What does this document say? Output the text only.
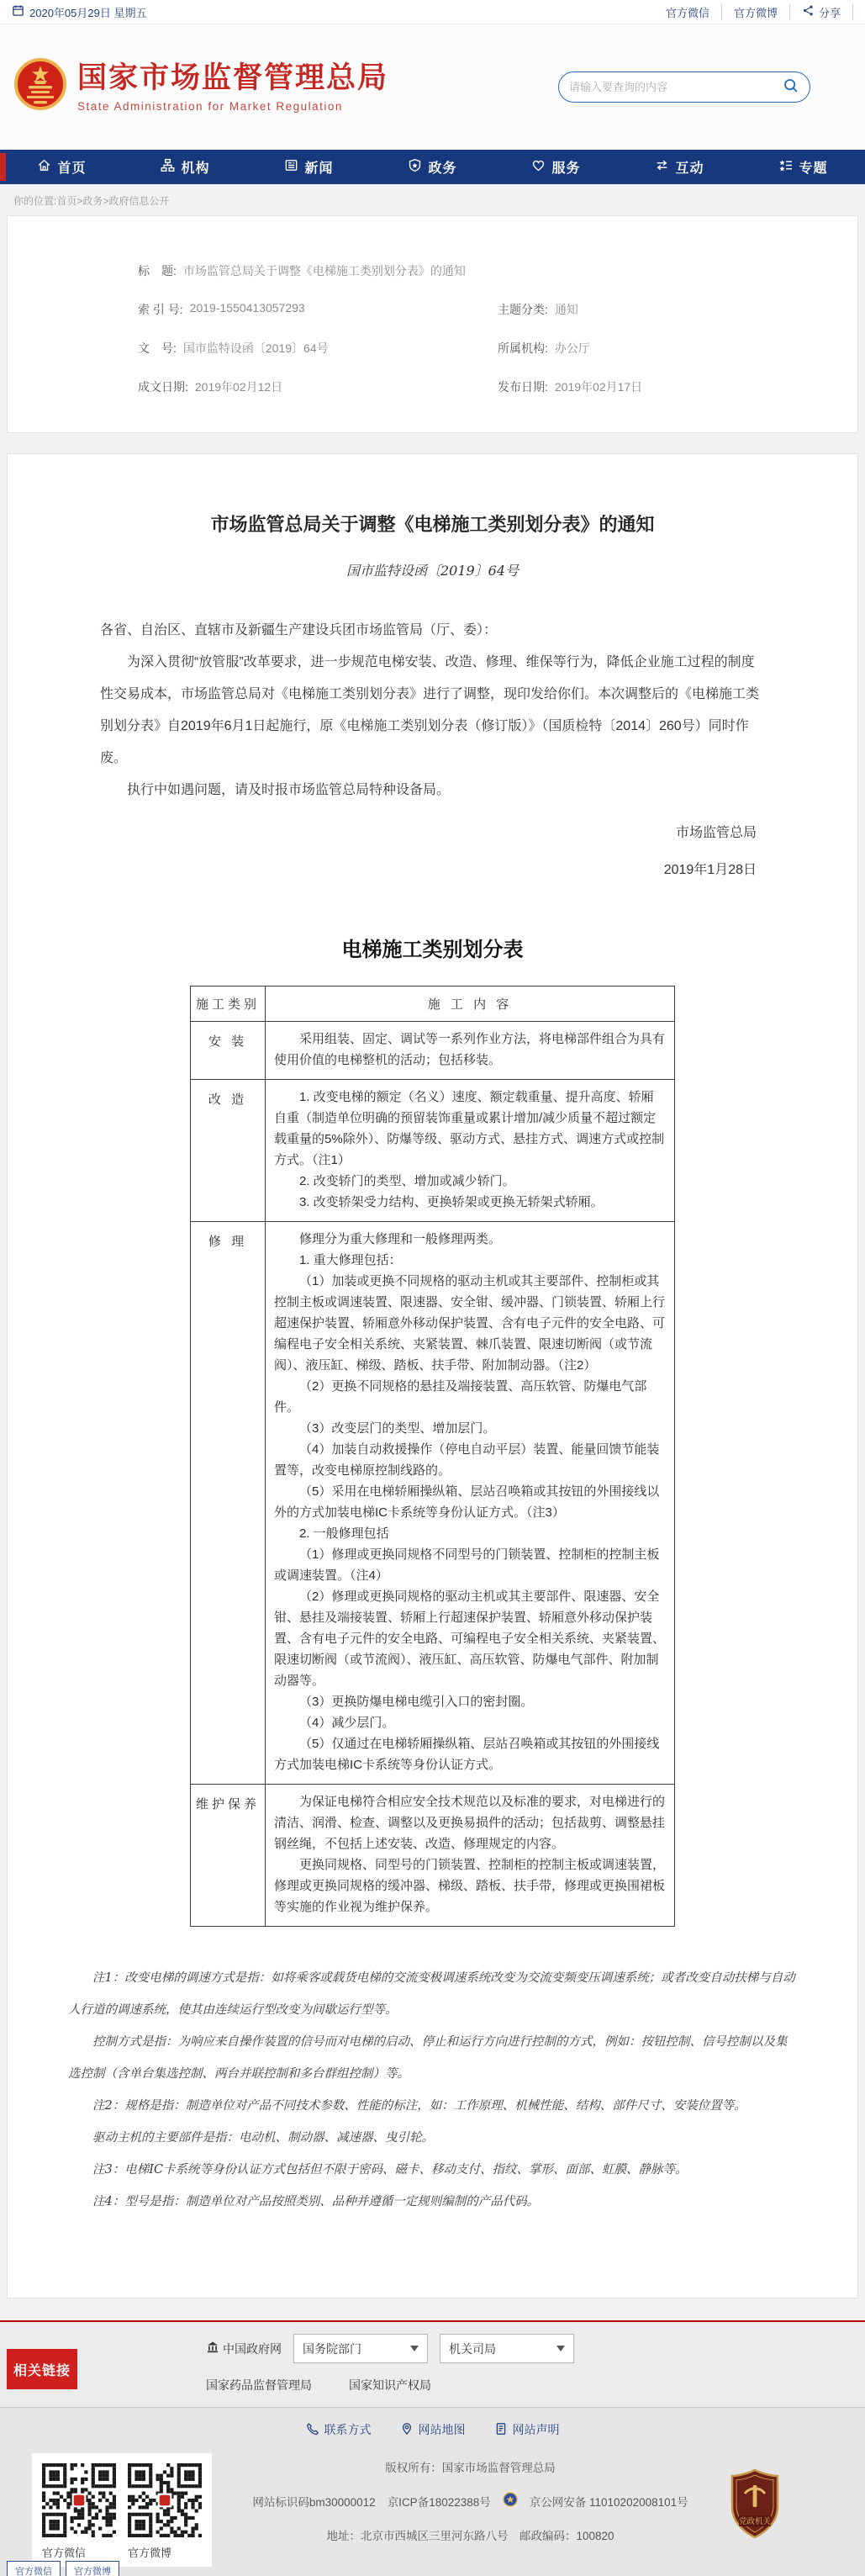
2020年05月29日 星期五	官方微信 官方微博	分享
国家市场监督管理总局
State Administration for Market Regulation
请输入要查询的内容
首页	机构	新闻	政务	服务	互动	专题
你的位置:首页>政务>政府信息公开
标　题: 市场监管总局关于调整《电梯施工类别划分表》的通知
索 引 号: 2019-1550413057293	主题分类: 通知
文　号: 国市监特设函〔2019〕64号	所属机构: 办公厅
成文日期: 2019年02月12日	发布日期: 2019年02月17日
市场监管总局关于调整《电梯施工类别划分表》的通知
国市监特设函〔2019〕64号

各省、自治区、直辖市及新疆生产建设兵团市场监管局（厅、委）：

为深入贯彻“放管服”改革要求，进一步规范电梯安装、改造、修理、维保等行为，降低企业施工过程的制度性交易成本，市场监管总局对《电梯施工类别划分表》进行了调整，现印发给你们。本次调整后的《电梯施工类别划分表》自2019年6月1日起施行，原《电梯施工类别划分表（修订版）》（国质检特〔2014〕260号）同时作废。

执行中如遇问题，请及时报市场监管总局特种设备局。

市场监管总局
2019年1月28日
电梯施工类别划分表
施工类别	施 工 内 容
安 装	采用组装、固定、调试等一系列作业方法，将电梯部件组合为具有使用价值的电梯整机的活动；包括移装。

改 造	1. 改变电梯的额定（名义）速度、额定载重量、提升高度、轿厢自重（制造单位明确的预留装饰重量或累计增加/减少质量不超过额定载重量的5%除外）、防爆等级、驱动方式、悬挂方式、调速方式或控制方式。（注1）

2. 改变轿门的类型、增加或减少轿门。

3. 改变轿架受力结构、更换轿架或更换无轿架式轿厢。

修 理	修理分为重大修理和一般修理两类。

1. 重大修理包括：

（1）加装或更换不同规格的驱动主机或其主要部件、控制柜或其控制主板或调速装置、限速器、安全钳、缓冲器、门锁装置、轿厢上行超速保护装置、轿厢意外移动保护装置、含有电子元件的安全电路、可编程电子安全相关系统、夹紧装置、棘爪装置、限速切断阀（或节流阀）、液压缸、梯级、踏板、扶手带、附加制动器。（注2）

（2）更换不同规格的悬挂及端接装置、高压软管、防爆电气部件。

（3）改变层门的类型、增加层门。

（4）加装自动救援操作（停电自动平层）装置、能量回馈节能装置等，改变电梯原控制线路的。

（5）采用在电梯轿厢操纵箱、层站召唤箱或其按钮的外围接线以外的方式加装电梯IC卡系统等身份认证方式。（注3）

2. 一般修理包括

（1）修理或更换同规格不同型号的门锁装置、控制柜的控制主板或调速装置。（注4）

（2）修理或更换同规格的驱动主机或其主要部件、限速器、安全钳、悬挂及端接装置、轿厢上行超速保护装置、轿厢意外移动保护装置、含有电子元件的安全电路、可编程电子安全相关系统、夹紧装置、限速切断阀（或节流阀）、液压缸、高压软管、防爆电气部件、附加制动器等。

（3）更换防爆电梯电缆引入口的密封圈。

（4）减少层门。

（5）仅通过在电梯轿厢操纵箱、层站召唤箱或其按钮的外围接线方式加装电梯IC卡系统等身份认证方式。

维护保养	为保证电梯符合相应安全技术规范以及标准的要求，对电梯进行的清洁、润滑、检查、调整以及更换易损件的活动；包括裁剪、调整悬挂钢丝绳，不包括上述安装、改造、修理规定的内容。

更换同规格、同型号的门锁装置、控制柜的控制主板或调速装置，修理或更换同规格的缓冲器、梯级、踏板、扶手带，修理或更换围裙板等实施的作业视为维护保养。

注1：改变电梯的调速方式是指：如将乘客或载货电梯的交流变极调速系统改变为交流变频变压调速系统；或者改变自动扶梯与自动人行道的调速系统，使其由连续运行型改变为间歇运行型等。

控制方式是指：为响应来自操作装置的信号而对电梯的启动、停止和运行方向进行控制的方式，例如：按钮控制、信号控制以及集选控制（含单台集选控制、两台并联控制和多台群组控制）等。

注2：规格是指：制造单位对产品不同技术参数、性能的标注，如：工作原理、机械性能、结构、部件尺寸、安装位置等。

驱动主机的主要部件是指：电动机、制动器、减速器、曳引轮。

注3：电梯IC卡系统等身份认证方式包括但不限于密码、磁卡、移动支付、指纹、掌形、面部、虹膜、静脉等。

注4：型号是指：制造单位对产品按照类别、品种并遵循一定规则编制的产品代码。

相关链接
中国政府网 国务院部门	机关司局
国家药品监督管理局	国家知识产权局
联系方式	网站地图	网站声明
官方微信	官方微博
版权所有：国家市场监督管理总局
网站标识码bm30000012 京ICP备18022388号	京公网安备 11010202008101号
地址：北京市西城区三里河东路八号　邮政编码：100820
党政机关
官方微信	官方微博
